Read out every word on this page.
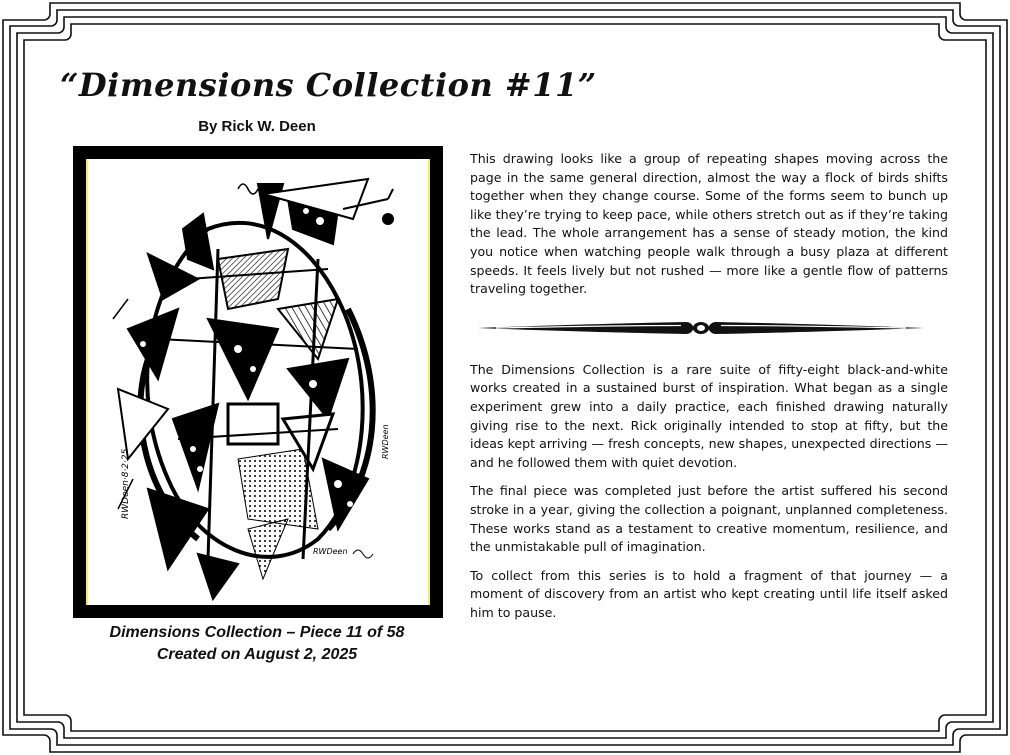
“Dimensions Collection #11”
By Rick W. Deen
RWDeen·8·2·25
RWDeen
RWDeen
Dimensions Collection – Piece 11 of 58
Created on August 2, 2025

This drawing looks like a group of repeating shapes moving across the page in the same general direction, almost the way a flock of birds shifts together when they change course. Some of the forms seem to bunch up like they’re trying to keep pace, while others stretch out as if they’re taking the lead. The whole arrangement has a sense of steady motion, the kind you notice when watching people walk through a busy plaza at different speeds. It feels lively but not rushed — more like a gentle flow of patterns traveling together.

The Dimensions Collection is a rare suite of fifty-eight black-and-white works created in a sustained burst of inspiration. What began as a single experiment grew into a daily practice, each finished drawing naturally giving rise to the next. Rick originally intended to stop at fifty, but the ideas kept arriving — fresh concepts, new shapes, unexpected directions — and he followed them with quiet devotion.

The final piece was completed just before the artist suffered his second stroke in a year, giving the collection a poignant, unplanned completeness. These works stand as a testament to creative momentum, resilience, and the unmistakable pull of imagination.

To collect from this series is to hold a fragment of that journey — a moment of discovery from an artist who kept creating until life itself asked him to pause.
